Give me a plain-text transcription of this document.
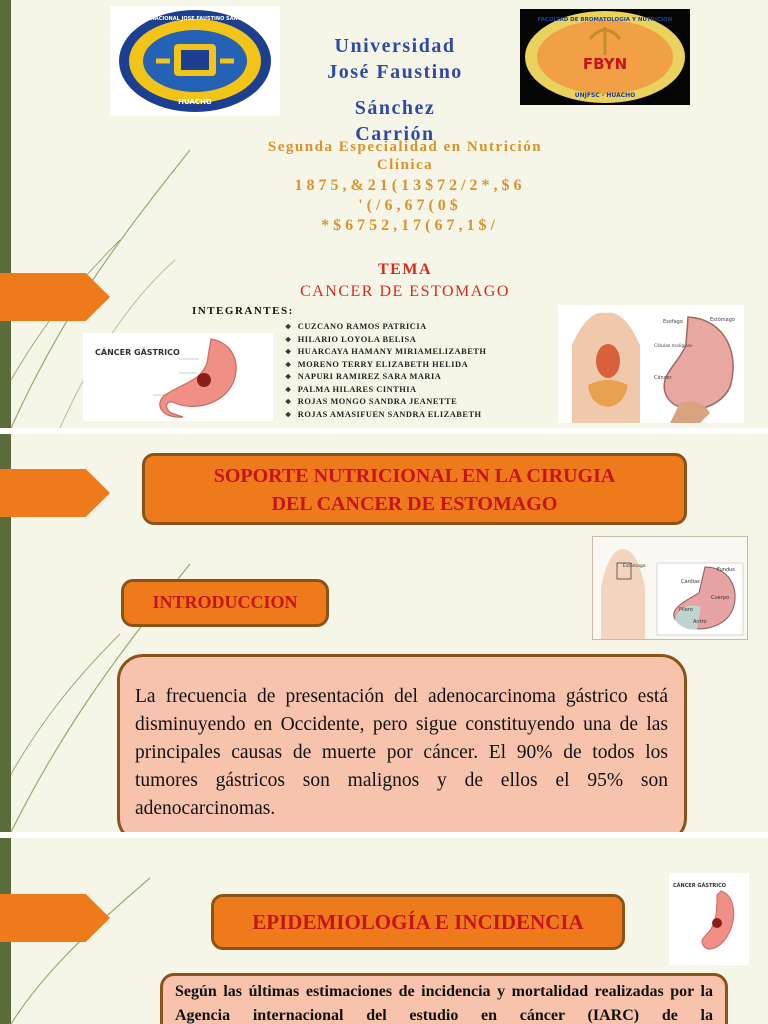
HUACHO
UNIVERSIDAD NACIONAL JOSE FAUSTINO SANCHEZ CARRION
Universidad
José Faustino
Sánchez
Carrión
FBYN
FACULTAD DE BROMATOLOGIA Y NUTRICION
UNJFSC - HUACHO
Segunda Especialidad en Nutrición
Clínica
1875,&21(13$72/2*,$6
'(/6,67(0$
*$6752,17(67,1$/
TEMA
CANCER DE ESTOMAGO
INTEGRANTES:
❖ CUZCANO RAMOS PATRICIA
❖ HILARIO LOYOLA BELISA
❖ HUARCAYA HAMANY MIRIAMELIZABETH
❖ MORENO TERRY ELIZABETH HELIDA
❖ NAPURI RAMIREZ SARA MARIA
❖ PALMA HILARES CINTHIA
❖ ROJAS MONGO SANDRA JEANETTE
❖ ROJAS AMASIFUEN SANDRA ELIZABETH
CÁNCER GÁSTRICO
Esófago	Estómago
Células malignas
Cáncer
SOPORTE NUTRICIONAL EN LA CIRUGIA
DEL CANCER DE ESTOMAGO
Estómago
Cardias
Fundus
Cuerpo
Píloro
Antro
INTRODUCCION
La frecuencia de presentación del adenocarcinoma gástrico está disminuyendo en Occidente, pero sigue constituyendo una de las principales causas de muerte por cáncer. El 90% de todos los tumores gástricos son malignos y de ellos el 95% son adenocarcinomas.
CÁNCER GÁSTRICO
EPIDEMIOLOGÍA E INCIDENCIA
Según las últimas estimaciones de incidencia y mortalidad realizadas por la Agencia internacional del estudio en cáncer (IARC) de la
